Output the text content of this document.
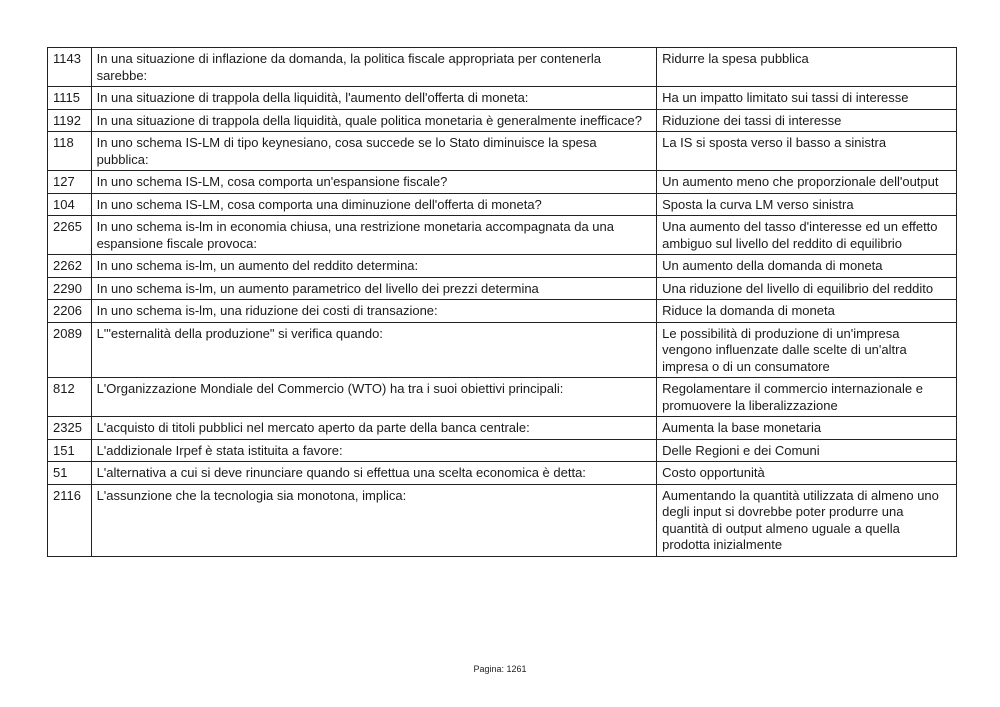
1143	In una situazione di inflazione da domanda, la politica fiscale appropriata per contenerla sarebbe:	Ridurre la spesa pubblica
1115	In una situazione di trappola della liquidità, l'aumento dell'offerta di moneta:	Ha un impatto limitato sui tassi di interesse
1192	In una situazione di trappola della liquidità, quale politica monetaria è generalmente inefficace?	Riduzione dei tassi di interesse
118	In uno schema IS-LM di tipo keynesiano, cosa succede se lo Stato diminuisce la spesa pubblica:	La IS si sposta verso il basso a sinistra
127	In uno schema IS-LM, cosa comporta un'espansione fiscale?	Un aumento meno che proporzionale dell'output
104	In uno schema IS-LM, cosa comporta una diminuzione dell'offerta di moneta?	Sposta la curva LM verso sinistra
2265	In uno schema is-lm in economia chiusa, una restrizione monetaria accompagnata da una espansione fiscale provoca:	Una aumento del tasso d'interesse ed un effetto ambiguo sul livello del reddito di equilibrio
2262	In uno schema is-lm, un aumento del reddito determina:	Un aumento della domanda di moneta
2290	In uno schema is-lm, un aumento parametrico del livello dei prezzi determina	Una riduzione del livello di equilibrio del reddito
2206	In uno schema is-lm, una riduzione dei costi di transazione:	Riduce la domanda di moneta
2089	L'"esternalità della produzione" si verifica quando:	Le possibilità di produzione di un'impresa vengono influenzate dalle scelte di un'altra impresa o di un consumatore
812	L'Organizzazione Mondiale del Commercio (WTO) ha tra i suoi obiettivi principali:	Regolamentare il commercio internazionale e promuovere la liberalizzazione
2325	L'acquisto di titoli pubblici nel mercato aperto da parte della banca centrale:	Aumenta la base monetaria
151	L'addizionale Irpef è stata istituita a favore:	Delle Regioni e dei Comuni
51	L'alternativa a cui si deve rinunciare quando si effettua una scelta economica è detta:	Costo opportunità
2116	L'assunzione che la tecnologia sia monotona, implica:	Aumentando la quantità utilizzata di almeno uno degli input si dovrebbe poter produrre una quantità di output almeno uguale a quella prodotta inizialmente
Pagina: 1261
